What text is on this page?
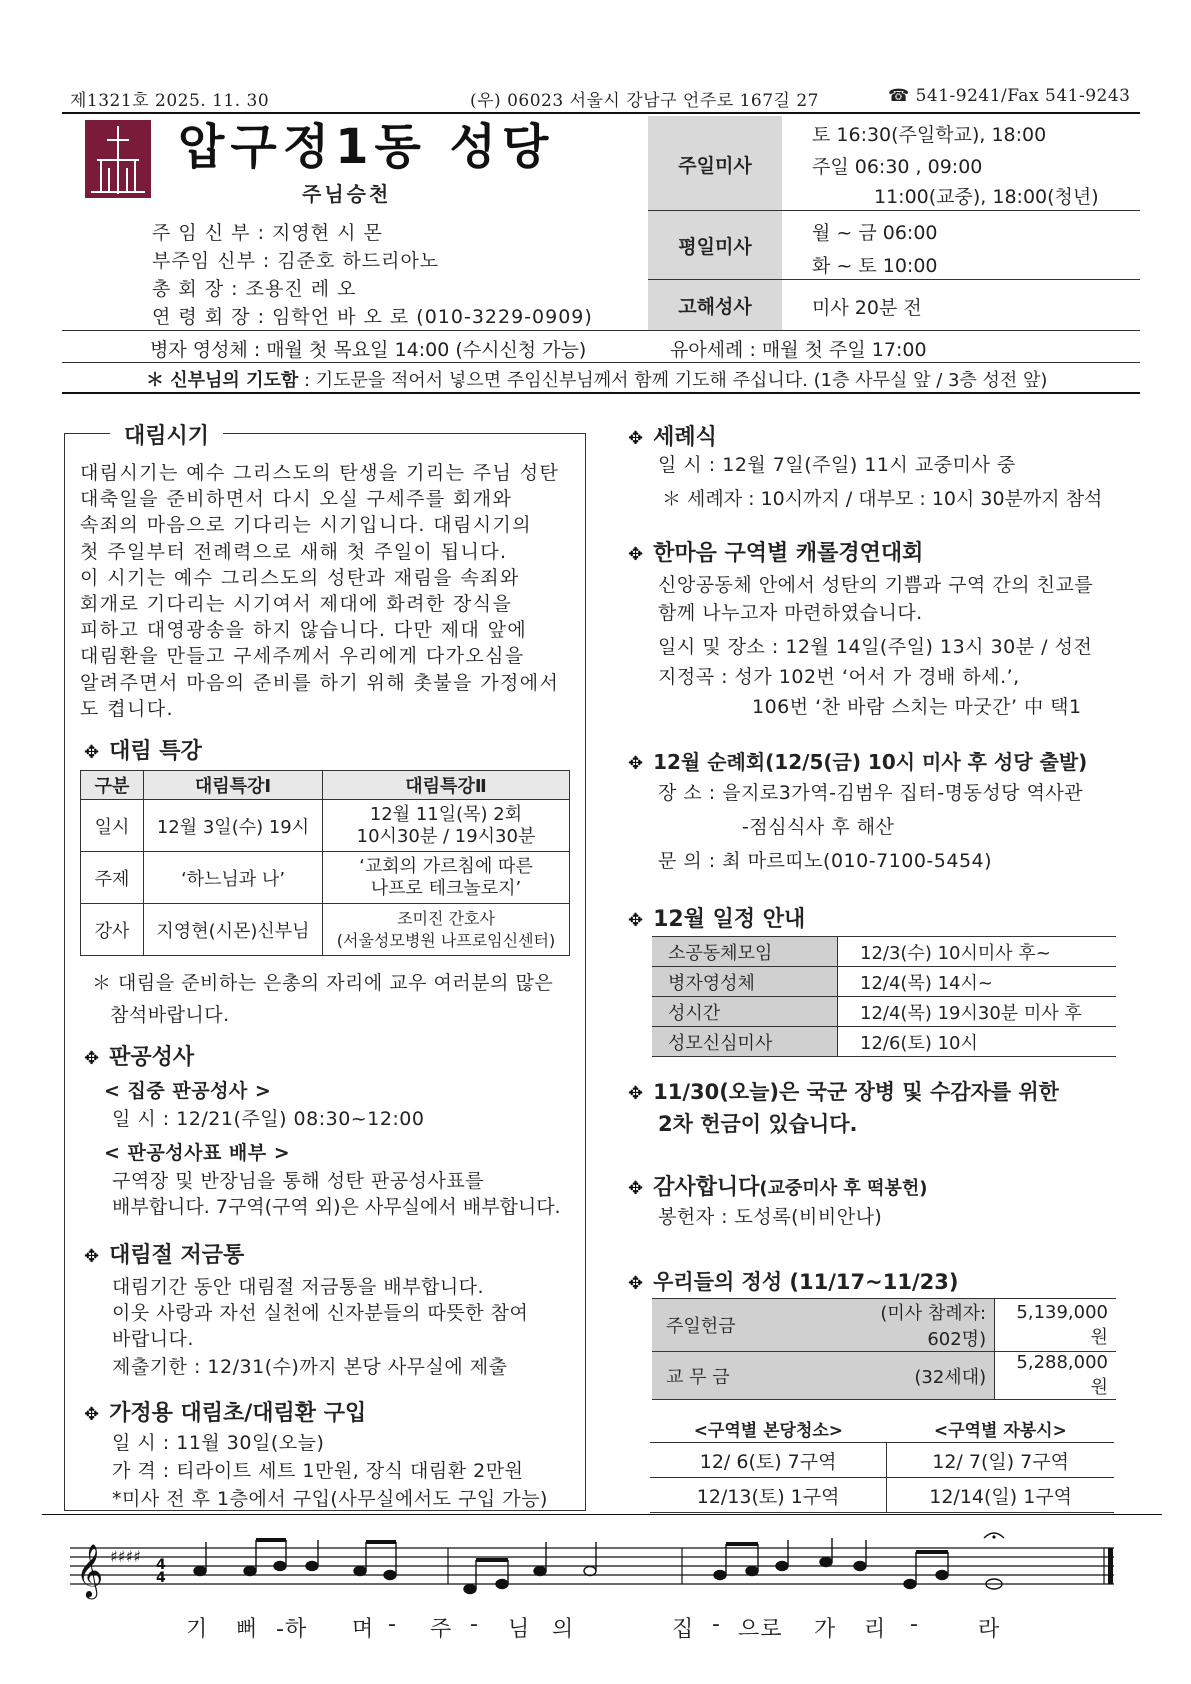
제1321호 2025. 11. 30	(우) 06023 서울시 강남구 언주로 167길 27	☎ 541-9241/Fax 541-9243
압구정1동 성당
주님승천
주 임 신 부 : 지영현 시 몬
부주임 신부 : 김준호 하드리아노
총 회 장 : 조용진 레 오
연 령 회 장 : 임학언 바 오 로 (010-3229-0909)
주일미사
토 16:30(주일학교), 18:00
주일 06:30 , 09:00
11:00(교중), 18:00(청년)
평일미사
월 ~ 금 06:00
화 ~ 토 10:00
고해성사	미사 20분 전
병자 영성체 : 매월 첫 목요일 14:00 (수시신청 가능)	유아세례 : 매월 첫 주일 17:00
＊ 신부님의 기도함 : 기도문을 적어서 넣으면 주임신부님께서 함께 기도해 주십니다. (1층 사무실 앞 / 3층 성전 앞)
대림시기
대림시기는 예수 그리스도의 탄생을 기리는 주님 성탄
대축일을 준비하면서 다시 오실 구세주를 회개와
속죄의 마음으로 기다리는 시기입니다. 대림시기의
첫 주일부터 전례력으로 새해 첫 주일이 됩니다.
이 시기는 예수 그리스도의 성탄과 재림을 속죄와
회개로 기다리는 시기여서 제대에 화려한 장식을
피하고 대영광송을 하지 않습니다. 다만 제대 앞에
대림환을 만들고 구세주께서 우리에게 다가오심을
알려주면서 마음의 준비를 하기 위해 촛불을 가정에서
도 켭니다.
✥ 대림 특강
구분	대림특강Ⅰ	대림특강Ⅱ
일시	12월 3일(수) 19시	12월 11일(목) 2회
10시30분 / 19시30분
주제	‘하느님과 나’	‘교회의 가르침에 따른
나프로 테크놀로지’
강사	지영현(시몬)신부님	조미진 간호사
(서울성모병원 나프로임신센터)
＊ 대림을 준비하는 은총의 자리에 교우 여러분의 많은
참석바랍니다.
✥ 판공성사
< 집중 판공성사 >
일 시 : 12/21(주일) 08:30~12:00
< 판공성사표 배부 >
구역장 및 반장님을 통해 성탄 판공성사표를
배부합니다. 7구역(구역 외)은 사무실에서 배부합니다.
✥ 대림절 저금통
대림기간 동안 대림절 저금통을 배부합니다.
이웃 사랑과 자선 실천에 신자분들의 따뜻한 참여
바랍니다.
제출기한 : 12/31(수)까지 본당 사무실에 제출
✥ 가정용 대림초/대림환 구입
일 시 : 11월 30일(오늘)
가 격 : 티라이트 세트 1만원, 장식 대림환 2만원
*미사 전 후 1층에서 구입(사무실에서도 구입 가능)
✥ 세례식
일 시 : 12월 7일(주일) 11시 교중미사 중
＊ 세례자 : 10시까지 / 대부모 : 10시 30분까지 참석
✥ 한마음 구역별 캐롤경연대회
신앙공동체 안에서 성탄의 기쁨과 구역 간의 친교를
함께 나누고자 마련하였습니다.
일시 및 장소 : 12월 14일(주일) 13시 30분 / 성전
지정곡 : 성가 102번 ‘어서 가 경배 하세.’,
106번 ‘찬 바람 스치는 마굿간’ 中 택1
✥ 12월 순례회(12/5(금) 10시 미사 후 성당 출발)
장 소 : 을지로3가역-김범우 집터-명동성당 역사관
-점심식사 후 해산
문 의 : 최 마르띠노(010-7100-5454)
✥ 12월 일정 안내
소공동체모임	12/3(수) 10시미사 후~
병자영성체	12/4(목) 14시~
성시간	12/4(목) 19시30분 미사 후
성모신심미사	12/6(토) 10시
✥ 11/30(오늘)은 국군 장병 및 수감자를 위한
2차 헌금이 있습니다.
✥ 감사합니다(교중미사 후 떡봉헌)
봉헌자 : 도성록(비비안나)
✥ 우리들의 정성 (11/17~11/23)
주일헌금	(미사 참례자: 602명)	5,139,000원
교 무 금	(32세대)	5,288,000원
<구역별 본당청소>	<구역별 자봉시>
12/ 6(토) 7구역	12/ 7(일) 7구역
12/13(토) 1구역	12/14(일) 1구역
𝄞 ♯♯♯♯ 4
4
기 뻐 -하 며 - 주 - 님 의	집 - 으로 가 리 -	라
